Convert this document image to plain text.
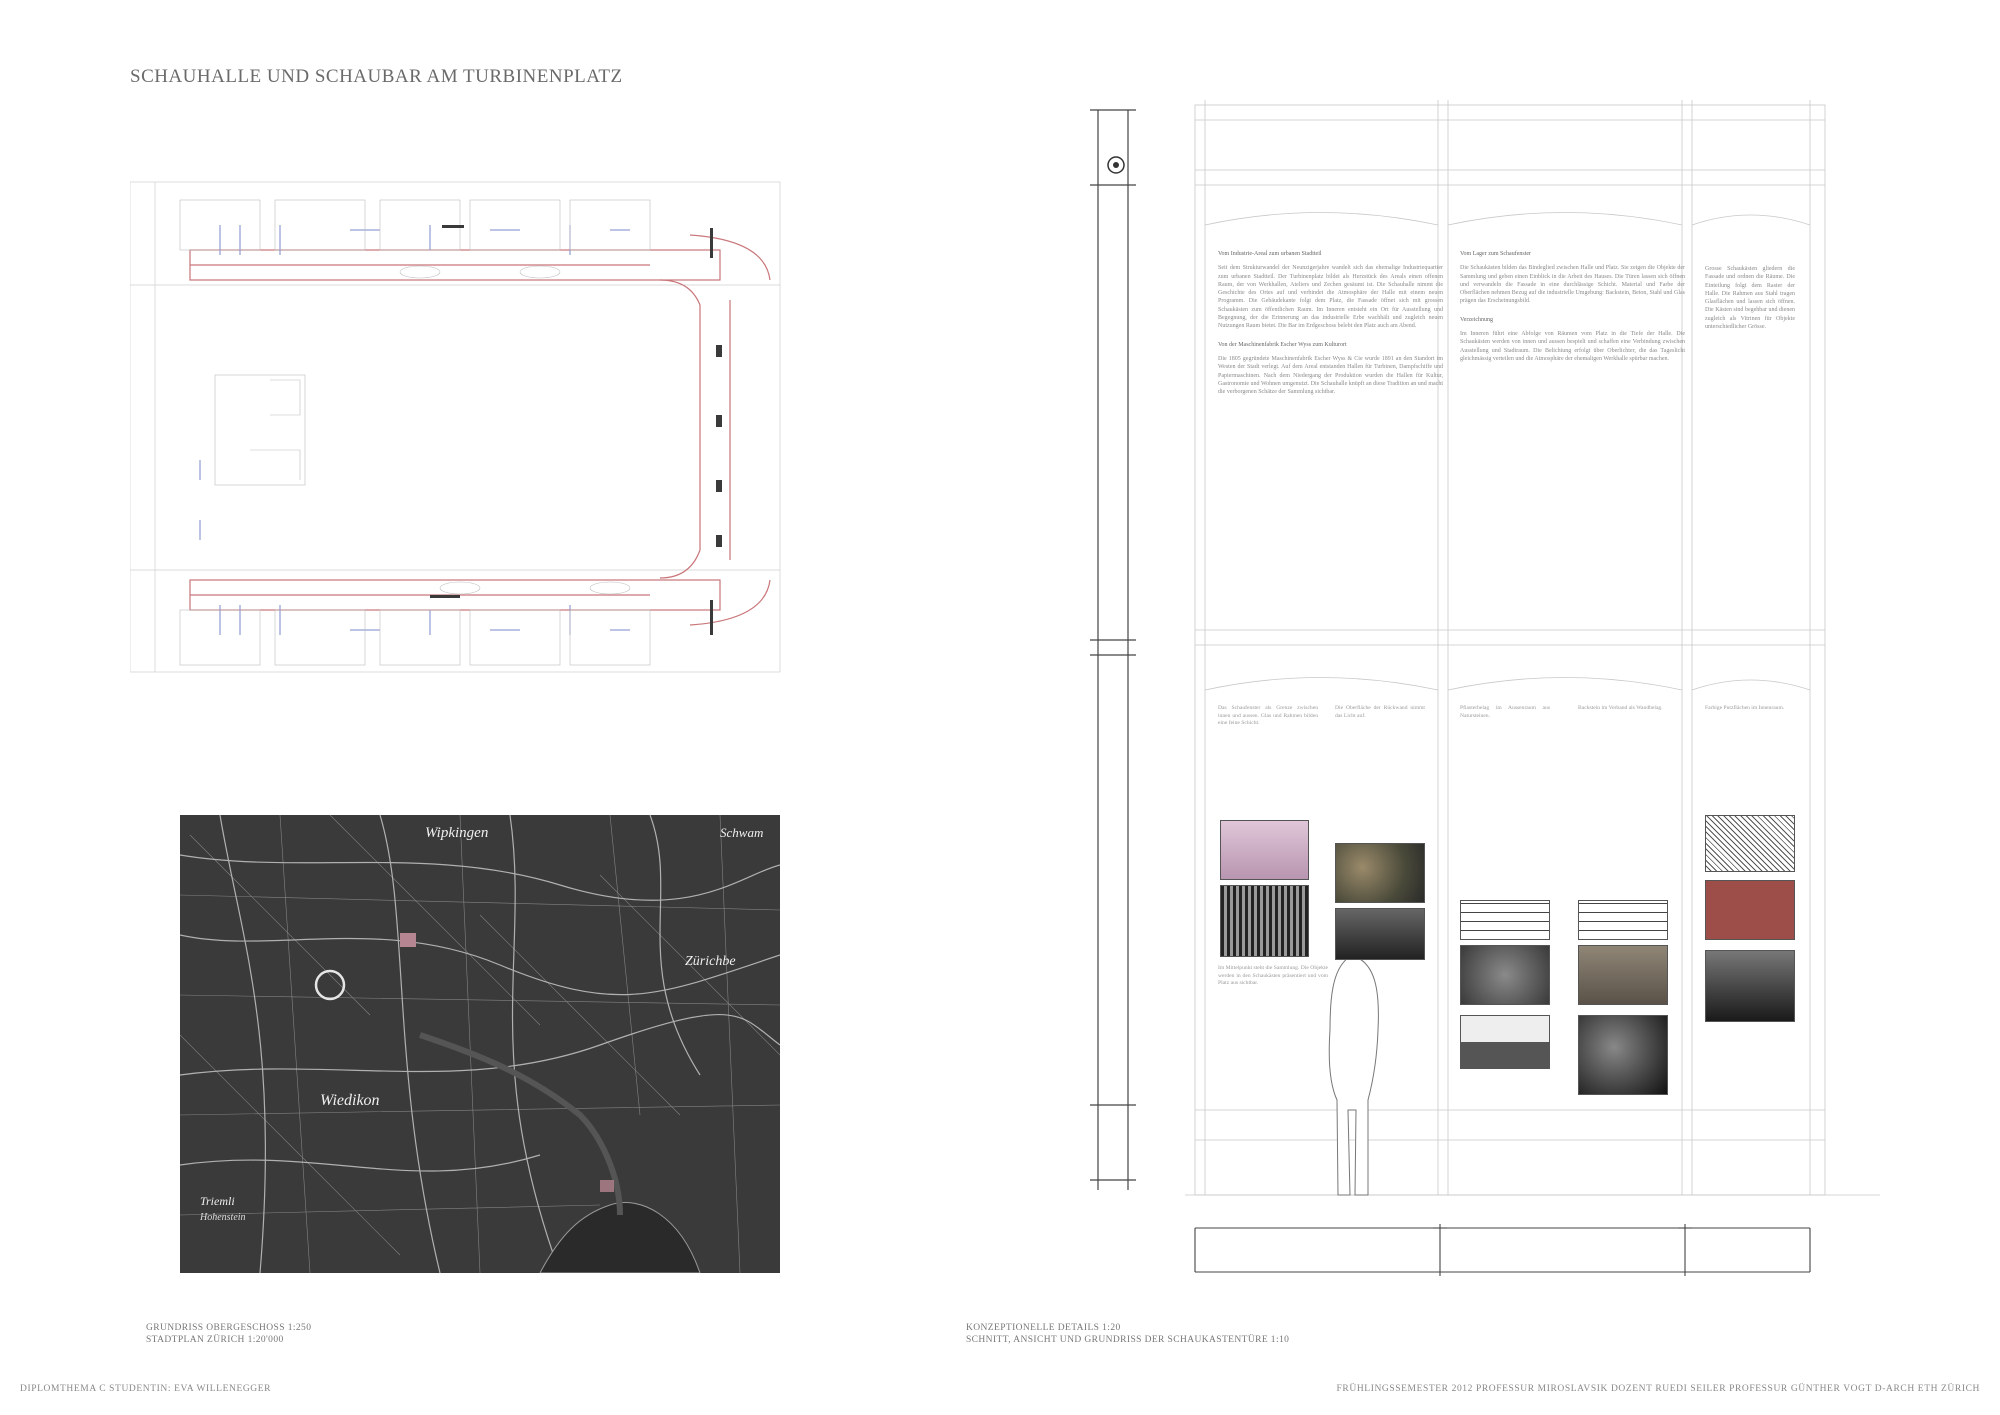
SCHAUHALLE UND SCHAUBAR AM TURBINENPLATZ
Wipkingen	Schwam
Zürichbe
Wiedikon
Triemli
Hohenstein
GRUNDRISS OBERGESCHOSS 1:250
STADTPLAN ZÜRICH 1:20'000
KONZEPTIONELLE DETAILS 1:20
SCHNITT, ANSICHT UND GRUNDRISS DER SCHAUKASTENTÜRE 1:10
Vom Industrie-Areal zum urbanen Stadtteil
Seit dem Strukturwandel der Neunzigerjahre wandelt sich das ehemalige Industriequartier zum urbanen Stadtteil. Der Turbinenplatz bildet als Herzstück des Areals einen offenen Raum, der von Werkhallen, Ateliers und Zechen gesäumt ist. Die Schauhalle nimmt die Geschichte des Ortes auf und verbindet die Atmosphäre der Halle mit einem neuen Programm. Die Gebäudekante folgt dem Platz, die Fassade öffnet sich mit grossen Schaukästen zum öffentlichen Raum. Im Inneren entsteht ein Ort für Ausstellung und Begegnung, der die Erinnerung an das industrielle Erbe wachhält und zugleich neuen Nutzungen Raum bietet. Die Bar im Erdgeschoss belebt den Platz auch am Abend.
Von der Maschinenfabrik Escher Wyss zum Kulturort
Die 1805 gegründete Maschinenfabrik Escher Wyss & Cie wurde 1891 an den Standort im Westen der Stadt verlegt. Auf dem Areal entstanden Hallen für Turbinen, Dampfschiffe und Papiermaschinen. Nach dem Niedergang der Produktion wurden die Hallen für Kultur, Gastronomie und Wohnen umgenutzt. Die Schauhalle knüpft an diese Tradition an und macht die verborgenen Schätze der Sammlung sichtbar.
Vom Lager zum Schaufenster
Die Schaukästen bilden das Bindeglied zwischen Halle und Platz. Sie zeigen die Objekte der Sammlung und geben einen Einblick in die Arbeit des Hauses. Die Türen lassen sich öffnen und verwandeln die Fassade in eine durchlässige Schicht. Material und Farbe der Oberflächen nehmen Bezug auf die industrielle Umgebung: Backstein, Beton, Stahl und Glas prägen das Erscheinungsbild.
Verzeichnung
Im Inneren führt eine Abfolge von Räumen vom Platz in die Tiefe der Halle. Die Schaukästen werden von innen und aussen bespielt und schaffen eine Verbindung zwischen Ausstellung und Stadtraum. Die Belichtung erfolgt über Oberlichter, die das Tageslicht gleichmässig verteilen und die Atmosphäre der ehemaligen Werkhalle spürbar machen.
Grosse Schaukästen gliedern die Fassade und ordnen die Räume. Die Einteilung folgt dem Raster der Halle. Die Rahmen aus Stahl tragen Glasflächen und lassen sich öffnen. Die Kästen sind begehbar und dienen zugleich als Vitrinen für Objekte unterschiedlicher Grösse.
Das Schaufenster als Grenze zwischen innen und aussen. Glas und Rahmen bilden eine feine Schicht.
Die Oberfläche der Rückwand nimmt das Licht auf.
Pflasterbelag im Aussenraum aus Natursteinen.
Backstein im Verband als Wandbelag.	Farbige Putzflächen im Innenraum.
Im Mittelpunkt steht die Sammlung. Die Objekte werden in den Schaukästen präsentiert und vom Platz aus sichtbar.
DIPLOMTHEMA C STUDENTIN: EVA WILLENEGGER	FRÜHLINGSSEMESTER 2012 PROFESSUR MIROSLAVSIK DOZENT RUEDI SEILER PROFESSUR GÜNTHER VOGT D-ARCH ETH ZÜRICH
